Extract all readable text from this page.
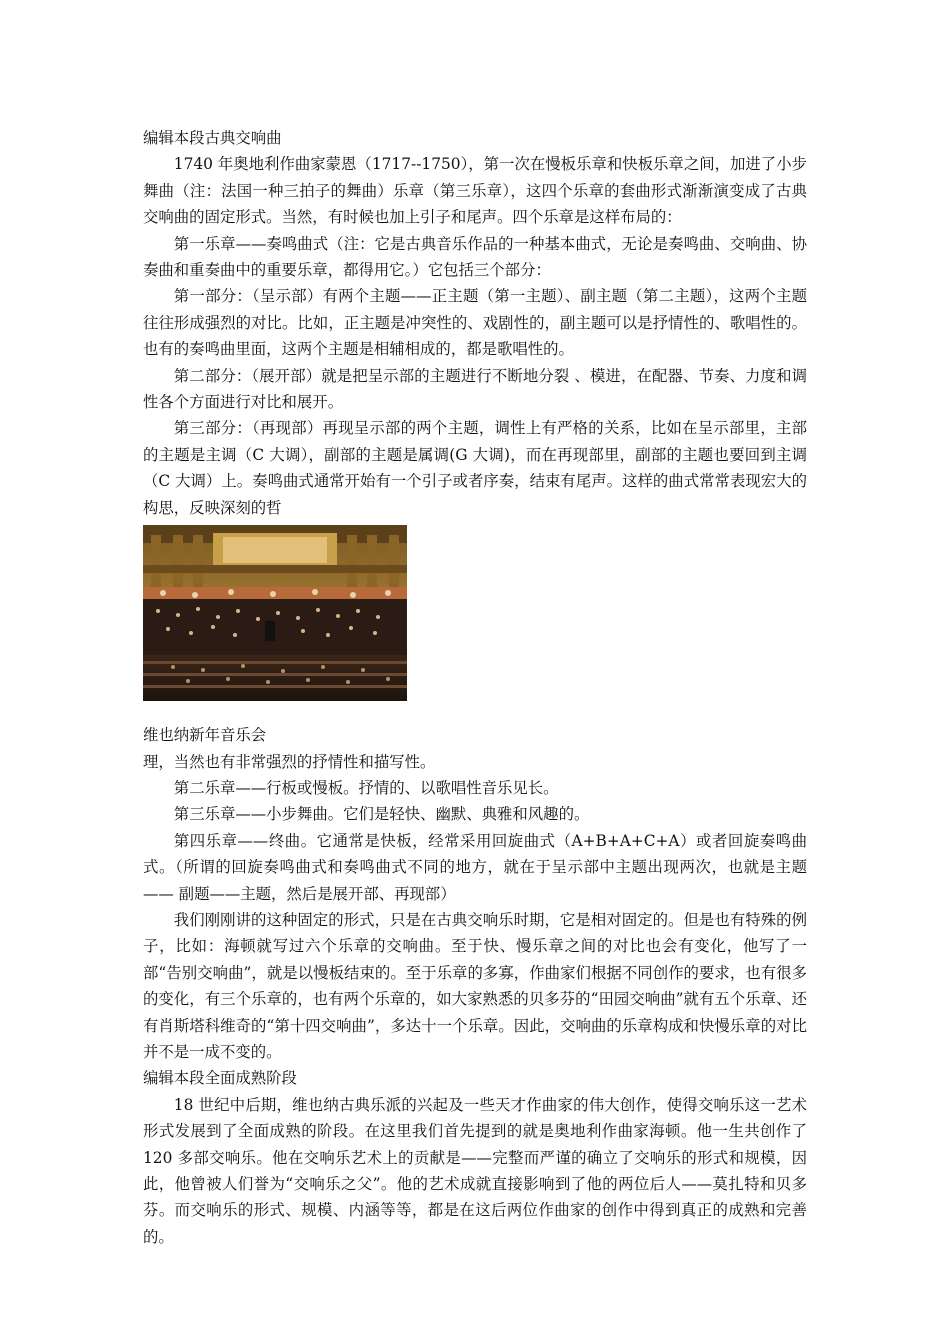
编辑本段古典交响曲

1740 年奥地利作曲家蒙恩（1717--1750），第一次在慢板乐章和快板乐章之间，加进了小步舞曲（注：法国一种三拍子的舞曲）乐章（第三乐章），这四个乐章的套曲形式渐渐演变成了古典交响曲的固定形式。当然，有时候也加上引子和尾声。四个乐章是这样布局的：

第一乐章——奏鸣曲式（注：它是古典音乐作品的一种基本曲式，无论是奏鸣曲、交响曲、协奏曲和重奏曲中的重要乐章，都得用它。）它包括三个部分：

第一部分：（呈示部）有两个主题——正主题（第一主题）、副主题（第二主题），这两个主题往往形成强烈的对比。比如，正主题是冲突性的、戏剧性的，副主题可以是抒情性的、歌唱性的。也有的奏鸣曲里面，这两个主题是相辅相成的，都是歌唱性的。

第二部分：（展开部）就是把呈示部的主题进行不断地分裂 、模进，在配器、节奏、力度和调性各个方面进行对比和展开。

第三部分：（再现部）再现呈示部的两个主题，调性上有严格的关系，比如在呈示部里，主部的主题是主调（C 大调），副部的主题是属调(G 大调)，而在再现部里，副部的主题也要回到主调（C 大调）上。奏鸣曲式通常开始有一个引子或者序奏，结束有尾声。这样的曲式常常表现宏大的构思，反映深刻的哲

维也纳新年音乐会

理，当然也有非常强烈的抒情性和描写性。

第二乐章——行板或慢板。抒情的、以歌唱性音乐见长。

第三乐章——小步舞曲。它们是轻快、幽默、典雅和风趣的。

第四乐章——终曲。它通常是快板，经常采用回旋曲式（A+B+A+C+A）或者回旋奏鸣曲式。（所谓的回旋奏鸣曲式和奏鸣曲式不同的地方，就在于呈示部中主题出现两次，也就是主题 —— 副题——主题，然后是展开部、再现部）

我们刚刚讲的这种固定的形式，只是在古典交响乐时期，它是相对固定的。但是也有特殊的例子，比如：海顿就写过六个乐章的交响曲。至于快、慢乐章之间的对比也会有变化，他写了一部“告别交响曲”，就是以慢板结束的。至于乐章的多寡，作曲家们根据不同创作的要求，也有很多的变化，有三个乐章的，也有两个乐章的，如大家熟悉的贝多芬的“田园交响曲”就有五个乐章、还有肖斯塔科维奇的“第十四交响曲”，多达十一个乐章。因此，交响曲的乐章构成和快慢乐章的对比并不是一成不变的。

编辑本段全面成熟阶段

18 世纪中后期，维也纳古典乐派的兴起及一些天才作曲家的伟大创作，使得交响乐这一艺术形式发展到了全面成熟的阶段。在这里我们首先提到的就是奥地利作曲家海顿。他一生共创作了 120 多部交响乐。他在交响乐艺术上的贡献是——完整而严谨的确立了交响乐的形式和规模，因此，他曾被人们誉为“交响乐之父”。他的艺术成就直接影响到了他的两位后人——莫扎特和贝多芬。而交响乐的形式、规模、内涵等等，都是在这后两位作曲家的创作中得到真正的成熟和完善的。
